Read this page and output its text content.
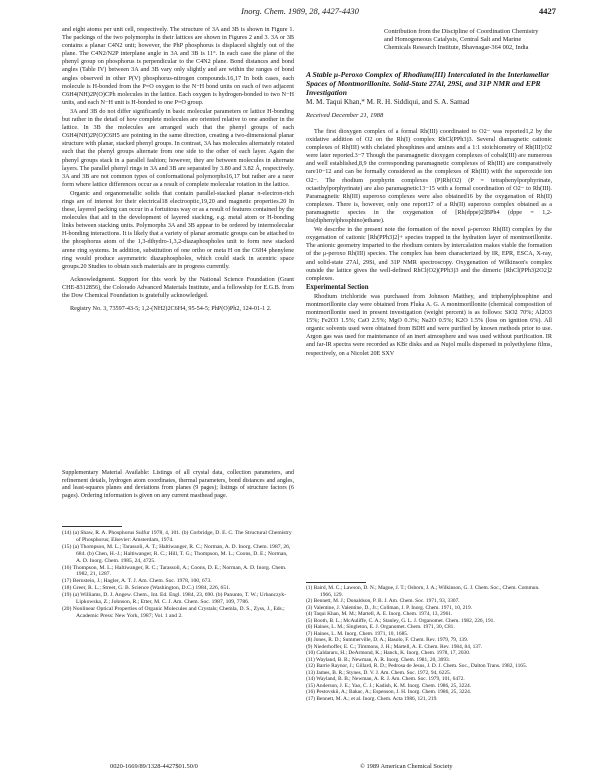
Inorg. Chem. 1989, 28, 4427-4430	4427

and eight atoms per unit cell, respectively. The structure of 3A and 3B is shown in Figure 1. The packings of the two polymorphs in their lattices are shown in Figures 2 and 3. 3A or 3B contains a planar C4N2 unit; however, the PhP phosphorus is displaced slightly out of the plane. The C4N2/N2P interplane angle in 3A and 3B is 11°. In each case the plane of the phenyl group on phosphorus is perpendicular to the C4N2 plane. Bond distances and bond angles (Table IV) between 3A and 3B vary only slightly and are within the ranges of bond angles observed in other P(V) phosphorus-nitrogen compounds.16,17 In both cases, each molecule is H-bonded from the P=O oxygen to the N−H bond units on each of two adjacent C6H4(NH)2P(O)CPh molecules in the lattice. Each oxygen is hydrogen-bonded to two N−H units, and each N−H unit is H-bonded to one P=O group.

3A and 3B do not differ significantly in basic molecular parameters or lattice H-bonding but rather in the detail of how complete molecules are oriented relative to one another in the lattice. In 3B the molecules are arranged such that the phenyl groups of each C6H4(NH)2P(O)C6H5 are pointing in the same direction, creating a two-dimensional planar structure with planar, stacked phenyl groups. In contrast, 3A has molecules alternately rotated such that the phenyl groups alternate from one side to the other of each layer. Again the phenyl groups stack in a parallel fashion; however, they are between molecules in alternate layers. The parallel phenyl rings in 3A and 3B are separated by 3.80 and 3.82 Å, respectively. 3A and 3B are not common types of conformational polymorphs16,17 but rather are a rarer form where lattice differences occur as a result of complete molecular rotation in the lattice.

Organic and organometallic solids that contain parallel-stacked planar π-electron-rich rings are of interest for their electrical18 electrooptic,19,20 and magnetic properties.20 In these, layered packing can occur in a fortuitous way or as a result of features contained by the molecules that aid in the development of layered stacking, e.g. metal atom or H-bonding links between stacking units. Polymorphs 3A and 3B appear to be ordered by intermolecular H-bonding interactions. It is likely that a variety of planar aromatic groups can be attached to the phosphorus atom of the 1,3-dihydro-1,3,2-diazaphospholes unit to form new stacked arene ring systems. In addition, substitution of one ortho or meta H on the C6H4 phenylene ring would produce asymmetric diazaphospholes, which could stack in acentric space groups.20 Studies to obtain such materials are in progress currently.

Acknowledgment. Support for this work by the National Science Foundation (Grant CHE-8312856), the Colorado Advanced Materials Institute, and a fellowship for E.G.B. from the Dow Chemical Foundation is gratefully acknowledged.

Registry No. 3, 73597-43-5; 1,2-(NH2)2C6H4, 95-54-5; PhP(O)Ph2, 124-01-1 2.

Supplementary Material Available: Listings of all crystal data, collection parameters, and refinement details, hydrogen atom coordinates, thermal parameters, bond distances and angles, and least-squares planes and deviations from planes (9 pages); listings of structure factors (6 pages). Ordering information is given on any current masthead page.

(14) (a) Shaw, R. A. Phosphorus Sulfur 1978, 4, 101. (b) Corbridge, D. E. C. The Structural Chemistry of Phosphorus; Elsevier: Amsterdam, 1974.

(15) (a) Thompson, M. L.; Tarassoli, A. T.; Haltiwanger, R. C.; Norman, A. D. Inorg. Chem. 1987, 26, 684. (b) Chen, H.-J.; Haltiwanger, R. C.; Hill, T. G.; Thompson, M. L.; Coons, D. E.; Norman, A. D. Inorg. Chem. 1985, 24, 4725.

(16) Thompson, M. L.; Haltiwanger, R. C.; Tarassoli, A.; Coons, D. E.; Norman, A. D. Inorg. Chem. 1982, 21, 1287.

(17) Bernstein, J.; Hagler, A. T. J. Am. Chem. Soc. 1978, 100, 673.

(18) Greer, R. L.; Street, G. B. Science (Washington, D.C.) 1984, 226, 651.

(19) (a) Williams, D. J. Angew. Chem., Int. Ed. Engl. 1984, 23, 690. (b) Panunto, T. W.; Urbanczyk-Lipkowska, Z.; Johnson, R.; Etter, M. C. J. Am. Chem. Soc. 1987, 109, 7786.

(20) Nonlinear Optical Properties of Organic Molecules and Crystals; Chemla, D. S., Zyss, J., Eds.; Academic Press: New York, 1987; Vol. 1 and 2.

Contribution from the Discipline of Coordination Chemistry and Homogeneous Catalysis, Central Salt and Marine Chemicals Research Institute, Bhavnagar-364 002, India
A Stable μ-Peroxo Complex of Rhodium(III) Intercalated in the Interlamellar Spaces of Montmorillonite. Solid-State 27Al, 29Si, and 31P NMR and EPR Investigation
M. M. Taqui Khan,* M. R. H. Siddiqui, and S. A. Samad
Received December 21, 1988

The first dioxygen complex of a formal Rh(III) coordinated to O2− was reported1,2 by the oxidative addition of O2 on the Rh(I) complex RhCl(PPh3)3. Several diamagnetic cationic complexes of Rh(III) with chelated phosphines and amines and a 1:1 stoichiometry of Rh(III):O2 were later reported.3−7 Though the paramagnetic dioxygen complexes of cobalt(III) are numerous and well established,8,9 the corresponding paramagnetic complexes of Rh(III) are comparatively rare10−12 and can be formally considered as the complexes of Rh(III) with the superoxide ion O2−. The rhodium porphyrin complexes (P)Rh(O2) (P = tetraphenylporphyrinate, octaethylporphyrinate) are also paramagnetic13−15 with a formal coordination of O2− to Rh(III). Paramagnetic Rh(III) superoxo complexes were also obtained16 by the oxygenation of Rh(II) complexes. There is, however, only one report17 of a Rh(II) superoxo complex obtained as a paramagnetic species in the oxygenation of [Rh(dppe)2]BPh4 (dppe = 1,2-bis(diphenylphosphino)ethane).

We describe in the present note the formation of the novel μ-peroxo Rh(III) complex by the oxygenation of cationic [Rh(PPh3)2]+ species trapped in the hydration layer of montmorillonite. The anionic geometry imparted to the rhodium centers by intercalation makes viable the formation of the μ-peroxo Rh(III) species. The complex has been characterized by IR, EPR, ESCA, X-ray, and solid-state 27Al, 29Si, and 31P NMR spectroscopy. Oxygenation of Wilkinson's complex outside the lattice gives the well-defined RhCl(O2)(PPh3)3 and the dimeric [RhCl(PPh3)2O2]2 complexes.

Experimental Section

Rhodium trichloride was purchased from Johnson Matthey, and triphenylphosphine and montmorillonite clay were obtained from Fluka A. G. A montmorillonite (chemical composition of montmorillonite used in present investigation (weight percent) is as follows: SiO2 70%; Al2O3 15%; Fe2O3 1.5%; CaO 2.5%; MgO 0.3%; Na2O 0.5%; K2O 1.5% (loss on ignition 6%). All organic solvents used were obtained from BDH and were purified by known methods prior to use. Argon gas was used for maintenance of an inert atmosphere and was used without purification. IR and far-IR spectra were recorded as KBr disks and as Nujol mulls dispersed in polyethylene films, respectively, on a Nicolet 20E SXV

(1) Baird, M. C.; Lawson, D. N.; Mague, J. T.; Osborn, J. A.; Wilkinson, G. J. Chem. Soc., Chem. Commun. 1966, 129.

(2) Bennett, M. J.; Donaldson, P. B. J. Am. Chem. Soc. 1971, 93, 3307.

(3) Valentine, J. Valentine, D., Jr.; Collman, J. P. Inorg. Chem. 1971, 10, 219.

(4) Taqui Khan, M. M.; Martell, A. E. Inorg. Chem. 1974, 13, 2961.

(5) Booth, B. L.; McAuliffe, C. A.; Stanley, G. L. J. Organomet. Chem. 1982, 226, 191.

(6) Haines, L. M.; Singleton, E. J. Organomet. Chem. 1971, 30, C81.

(7) Haines, L. M. Inorg. Chem. 1971, 10, 1685.

(8) Jones, R. D.; Summerville, D. A.; Basolo, F. Chem. Rev. 1979, 79, 139.

(9) Niederhoffer, E. C.; Timmons, J. H.; Martell, A. E. Chem. Rev. 1984, 84, 137.

(10) Caldararu, H.; DeArmond, K.; Hanck, K. Inorg. Chem. 1978, 17, 2030.

(11) Wayland, B. B.; Newman, A. R. Inorg. Chem. 1981, 20, 3093.

(12) Barrie Raynor, J.; Gillard, R. D.; Pedrosa de Jesus, J. D. J. Chem. Soc., Dalton Trans. 1982, 1165.

(13) James, B. R.; Stynes, D. V. J. Am. Chem. Soc. 1972, 94, 6225.

(14) Wayland, B. B.; Newman, A. R. J. Am. Chem. Soc. 1979, 101, 6472.

(15) Anderson, J. E.; Yao, C. J.; Kadish, K. M. Inorg. Chem. 1986, 25, 3224.

(16) Pestovskii, A.; Bakac, A.; Espenson, J. H. Inorg. Chem. 1986, 25, 3224.

(17) Bennett, M. A.; et al. Inorg. Chem. Acta 1986, 121, 219.

0020-1669/89/1328-4427$01.50/0	© 1989 American Chemical Society
